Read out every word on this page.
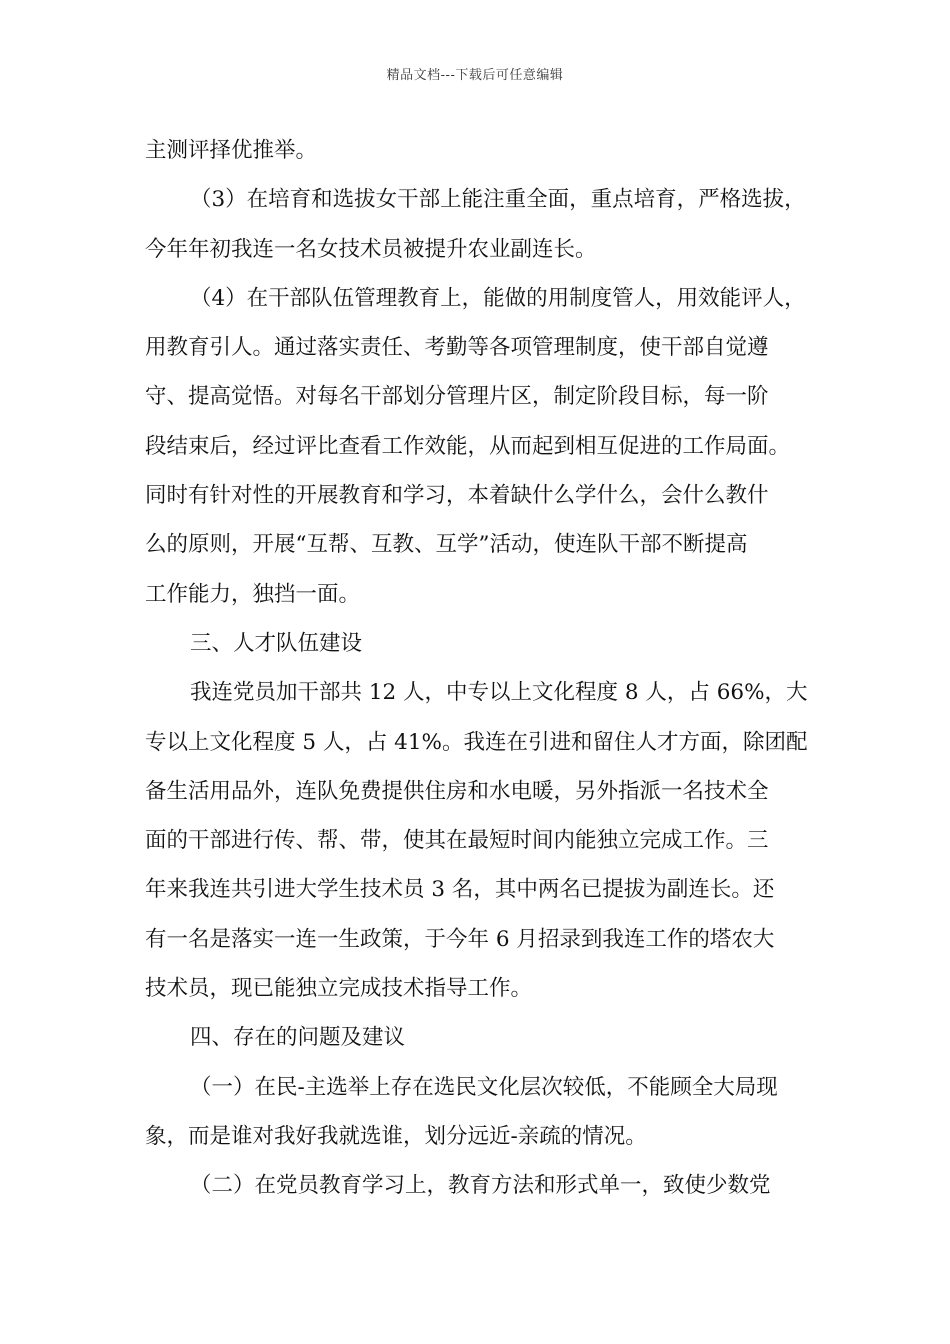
精品文档---下载后可任意编辑
主测评择优推举。
（3）在培育和选拔女干部上能注重全面，重点培育，严格选拔，
今年年初我连一名女技术员被提升农业副连长。
（4）在干部队伍管理教育上，能做的用制度管人，用效能评人，
用教育引人。通过落实责任、考勤等各项管理制度，使干部自觉遵
守、提高觉悟。对每名干部划分管理片区，制定阶段目标，每一阶
段结束后，经过评比查看工作效能，从而起到相互促进的工作局面。
同时有针对性的开展教育和学习，本着缺什么学什么，会什么教什
么的原则，开展“互帮、互教、互学”活动，使连队干部不断提高
工作能力，独挡一面。
三、人才队伍建设
我连党员加干部共 12 人，中专以上文化程度 8 人，占 66%，大
专以上文化程度 5 人，占 41%。我连在引进和留住人才方面，除团配
备生活用品外，连队免费提供住房和水电暖，另外指派一名技术全
面的干部进行传、帮、带，使其在最短时间内能独立完成工作。三
年来我连共引进大学生技术员 3 名，其中两名已提拔为副连长。还
有一名是落实一连一生政策，于今年 6 月招录到我连工作的塔农大
技术员，现已能独立完成技术指导工作。
四、存在的问题及建议
（一）在民-主选举上存在选民文化层次较低，不能顾全大局现
象，而是谁对我好我就选谁，划分远近-亲疏的情况。
（二）在党员教育学习上，教育方法和形式单一，致使少数党
